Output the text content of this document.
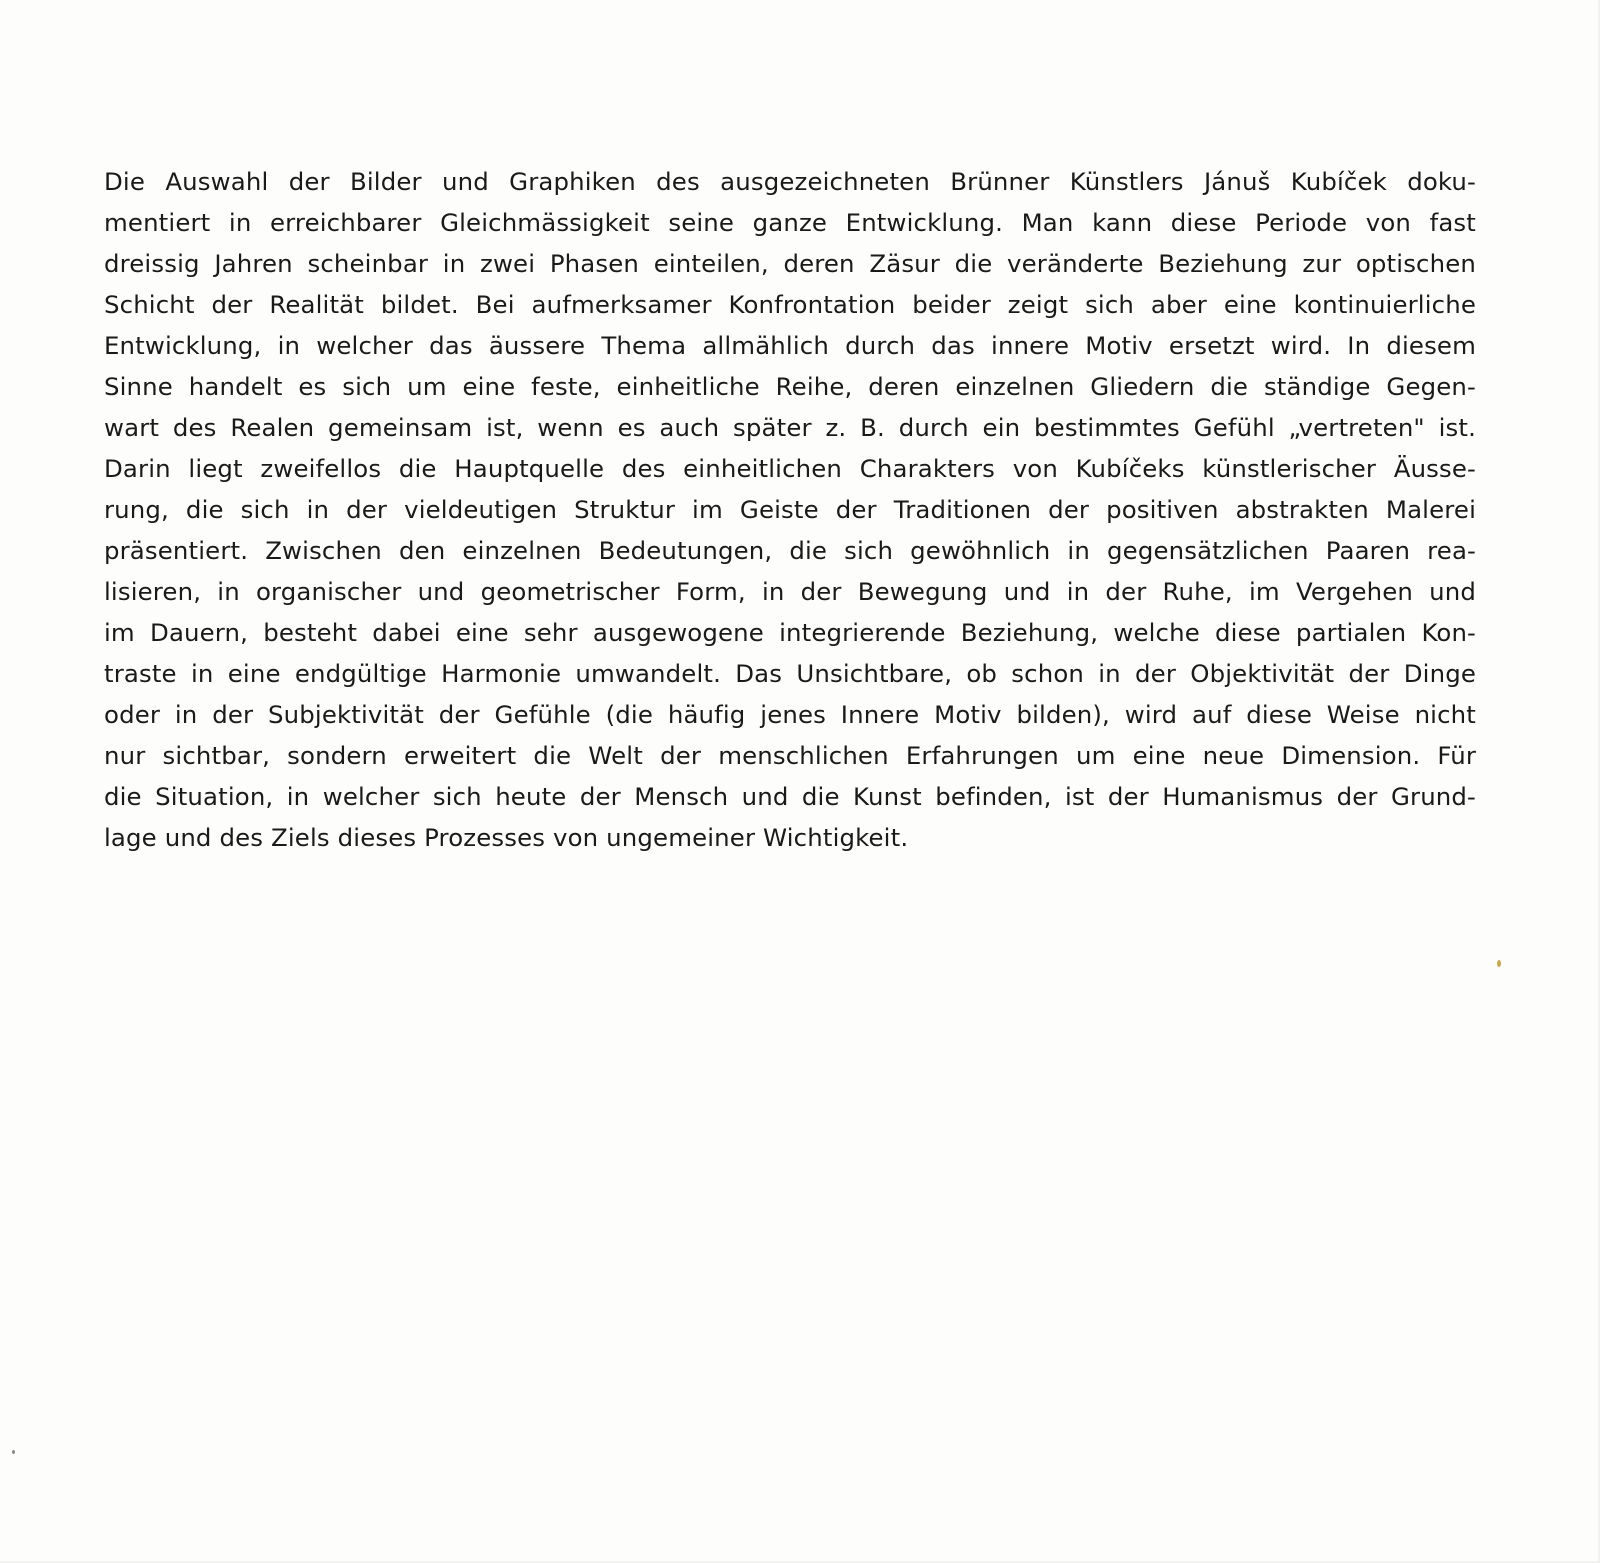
Die Auswahl der Bilder und Graphiken des ausgezeichneten Brünner Künstlers Jánuš Kubíček doku-
mentiert in erreichbarer Gleichmässigkeit seine ganze Entwicklung. Man kann diese Periode von fast
dreissig Jahren scheinbar in zwei Phasen einteilen, deren Zäsur die veränderte Beziehung zur optischen
Schicht der Realität bildet. Bei aufmerksamer Konfrontation beider zeigt sich aber eine kontinuierliche
Entwicklung, in welcher das äussere Thema allmählich durch das innere Motiv ersetzt wird. In diesem
Sinne handelt es sich um eine feste, einheitliche Reihe, deren einzelnen Gliedern die ständige Gegen-
wart des Realen gemeinsam ist, wenn es auch später z. B. durch ein bestimmtes Gefühl „vertreten" ist.
Darin liegt zweifellos die Hauptquelle des einheitlichen Charakters von Kubíčeks künstlerischer Äusse-
rung, die sich in der vieldeutigen Struktur im Geiste der Traditionen der positiven abstrakten Malerei
präsentiert. Zwischen den einzelnen Bedeutungen, die sich gewöhnlich in gegensätzlichen Paaren rea-
lisieren, in organischer und geometrischer Form, in der Bewegung und in der Ruhe, im Vergehen und
im Dauern, besteht dabei eine sehr ausgewogene integrierende Beziehung, welche diese partialen Kon-
traste in eine endgültige Harmonie umwandelt. Das Unsichtbare, ob schon in der Objektivität der Dinge
oder in der Subjektivität der Gefühle (die häufig jenes Innere Motiv bilden), wird auf diese Weise nicht
nur sichtbar, sondern erweitert die Welt der menschlichen Erfahrungen um eine neue Dimension. Für
die Situation, in welcher sich heute der Mensch und die Kunst befinden, ist der Humanismus der Grund-
lage und des Ziels dieses Prozesses von ungemeiner Wichtigkeit.
